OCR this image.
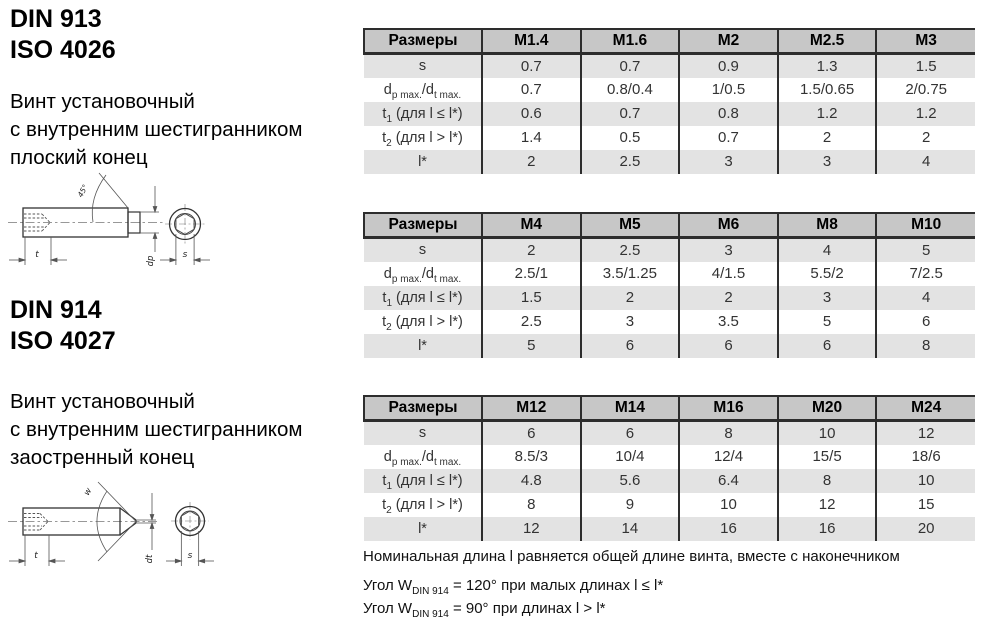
DIN 913
ISO 4026
Винт установочный
с внутренним шестигранником
плоский конец
45°
t
dp
s
DIN 914
ISO 4027
Винт установочный
с внутренним шестигранником
заостренный конец
w
t	dt	s
Размеры	M1.4	M1.6	M2	M2.5	M3
s	0.7	0.7	0.9	1.3	1.5
$d_{p max.}/d_{t max.}$	0.7	0.8/0.4	1/0.5	1.5/0.65	2/0.75
$t_1$ (для l ≤ l*)	0.6	0.7	0.8	1.2	1.2
$t_2$ (для l > l*)	1.4	0.5	0.7	2	2
l*	2	2.5	3	3	4
Размеры	M4	M5	M6	M8	M10
s	2	2.5	3	4	5
$d_{p max.}/d_{t max.}$	2.5/1	3.5/1.25	4/1.5	5.5/2	7/2.5
$t_1$ (для l ≤ l*)	1.5	2	2	3	4
$t_2$ (для l > l*)	2.5	3	3.5	5	6
l*	5	6	6	6	8
Размеры	M12	M14	M16	M20	M24
s	6	6	8	10	12
$d_{p max.}/d_{t max.}$	8.5/3	10/4	12/4	15/5	18/6
$t_1$ (для l ≤ l*)	4.8	5.6	6.4	8	10
$t_2$ (для l > l*)	8	9	10	12	15
l*	12	14	16	16	20
Номинальная длина l равняется общей длине винта, вместе с наконечником
Угол $W_{DIN 914} = 120^\circ$ при малых длинах l ≤ l*
Угол $W_{DIN 914} = 90^\circ$ при длинах l > l*
